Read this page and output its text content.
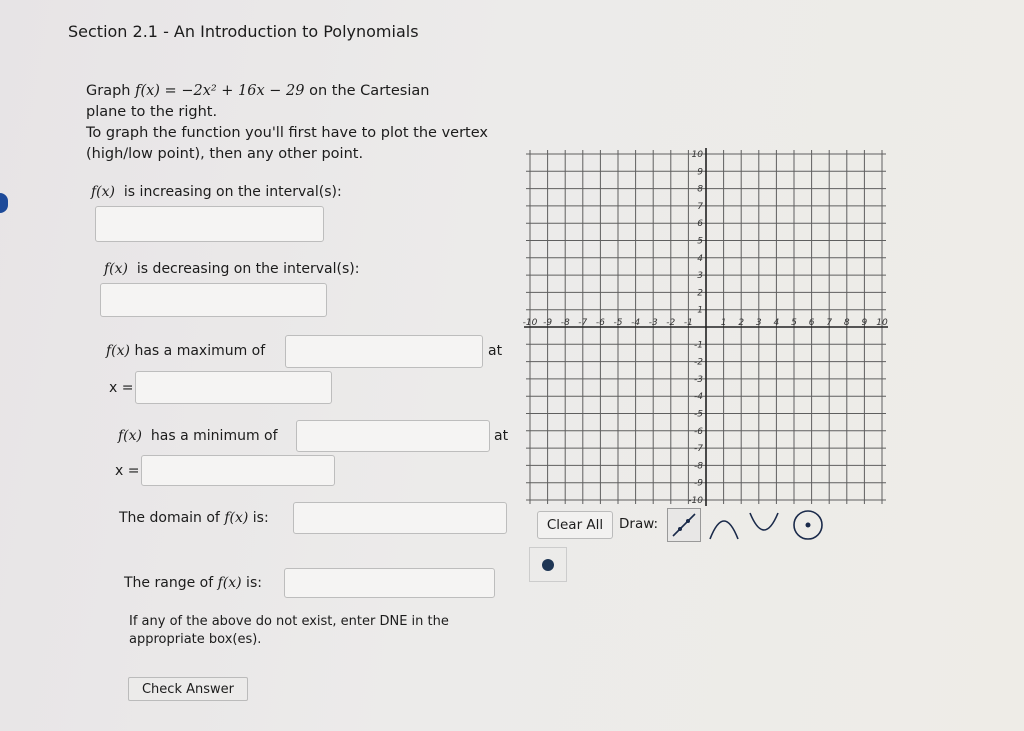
Section 2.1 - An Introduction to Polynomials
Graph f(x) = −2x² + 16x − 29 on the Cartesian
plane to the right.
To graph the function you'll first have to plot the vertex
(high/low point), then any other point.
f(x) is increasing on the interval(s):
f(x) is decreasing on the interval(s):
f(x) has a maximum of	at
x =
f(x) has a minimum of	at
x =
The domain of f(x) is:
The range of f(x) is:
If any of the above do not exist, enter DNE in the appropriate box(es).
Check Answer
-10 -9 -8 -7 -6 -5 -4 -3 -2 -1	1 2 3 4 5 6 7 8 9 10
10
9
8
7
6
5
4
3
2
1
-1
-2
-3
-4
-5
-6
-7
-8
-9
-10
Clear All	Draw:
